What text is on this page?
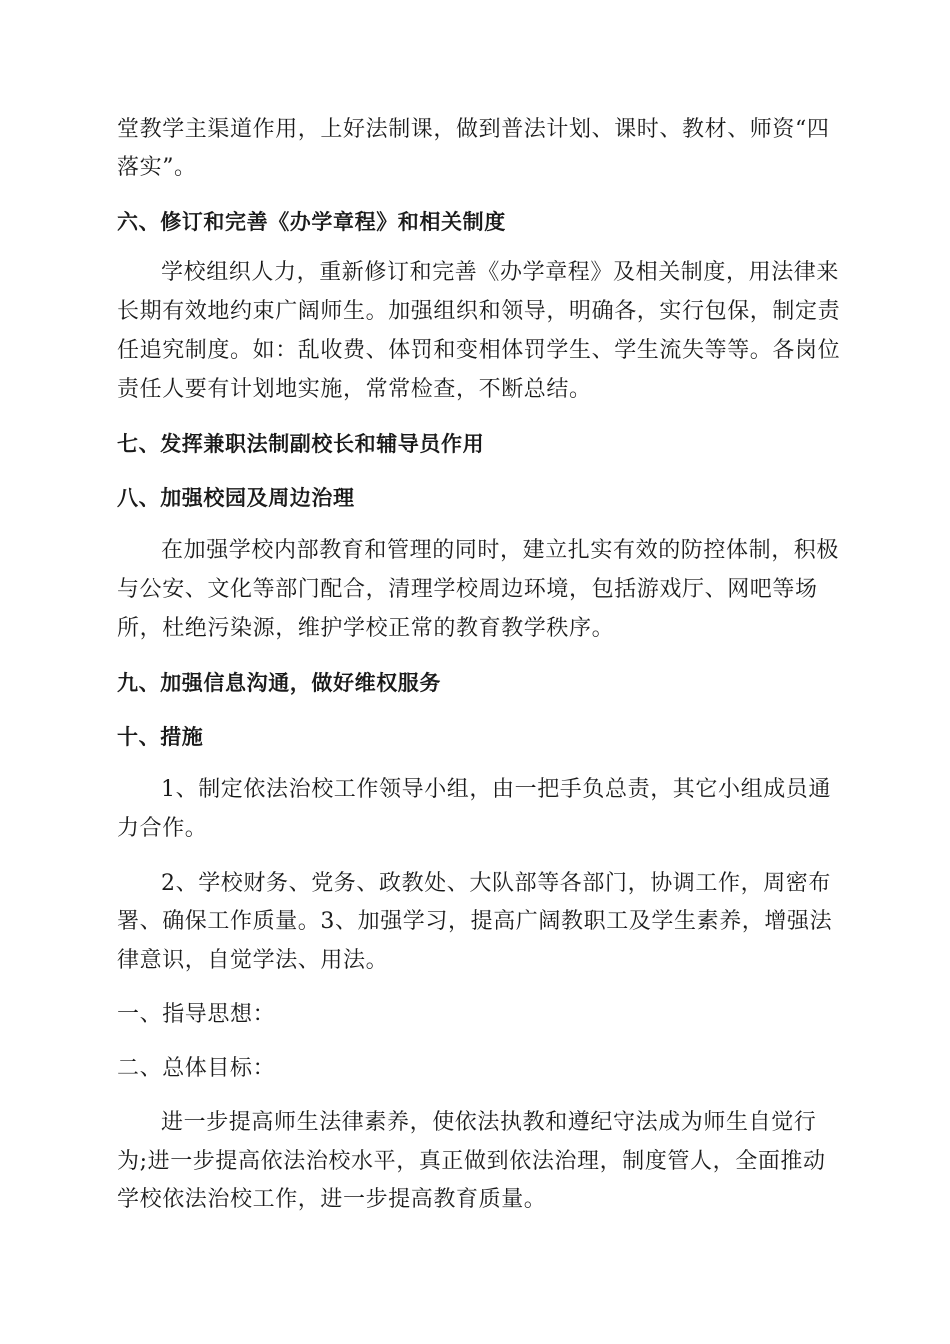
堂教学主渠道作用，上好法制课，做到普法计划、课时、教材、师资“四
落实”。
六、修订和完善《办学章程》和相关制度
学校组织人力，重新修订和完善《办学章程》及相关制度，用法律来
长期有效地约束广阔师生。加强组织和领导，明确各，实行包保，制定责
任追究制度。如：乱收费、体罚和变相体罚学生、学生流失等等。各岗位
责任人要有计划地实施，常常检查，不断总结。
七、发挥兼职法制副校长和辅导员作用
八、加强校园及周边治理
在加强学校内部教育和管理的同时，建立扎实有效的防控体制，积极
与公安、文化等部门配合，清理学校周边环境，包括游戏厅、网吧等场
所，杜绝污染源，维护学校正常的教育教学秩序。
九、加强信息沟通，做好维权服务
十、措施
1、制定依法治校工作领导小组，由一把手负总责，其它小组成员通
力合作。
2、学校财务、党务、政教处、大队部等各部门，协调工作，周密布
署、确保工作质量。3、加强学习，提高广阔教职工及学生素养，增强法
律意识，自觉学法、用法。
一、指导思想：
二、总体目标：
进一步提高师生法律素养，使依法执教和遵纪守法成为师生自觉行
为;进一步提高依法治校水平，真正做到依法治理，制度管人，全面推动
学校依法治校工作，进一步提高教育质量。
